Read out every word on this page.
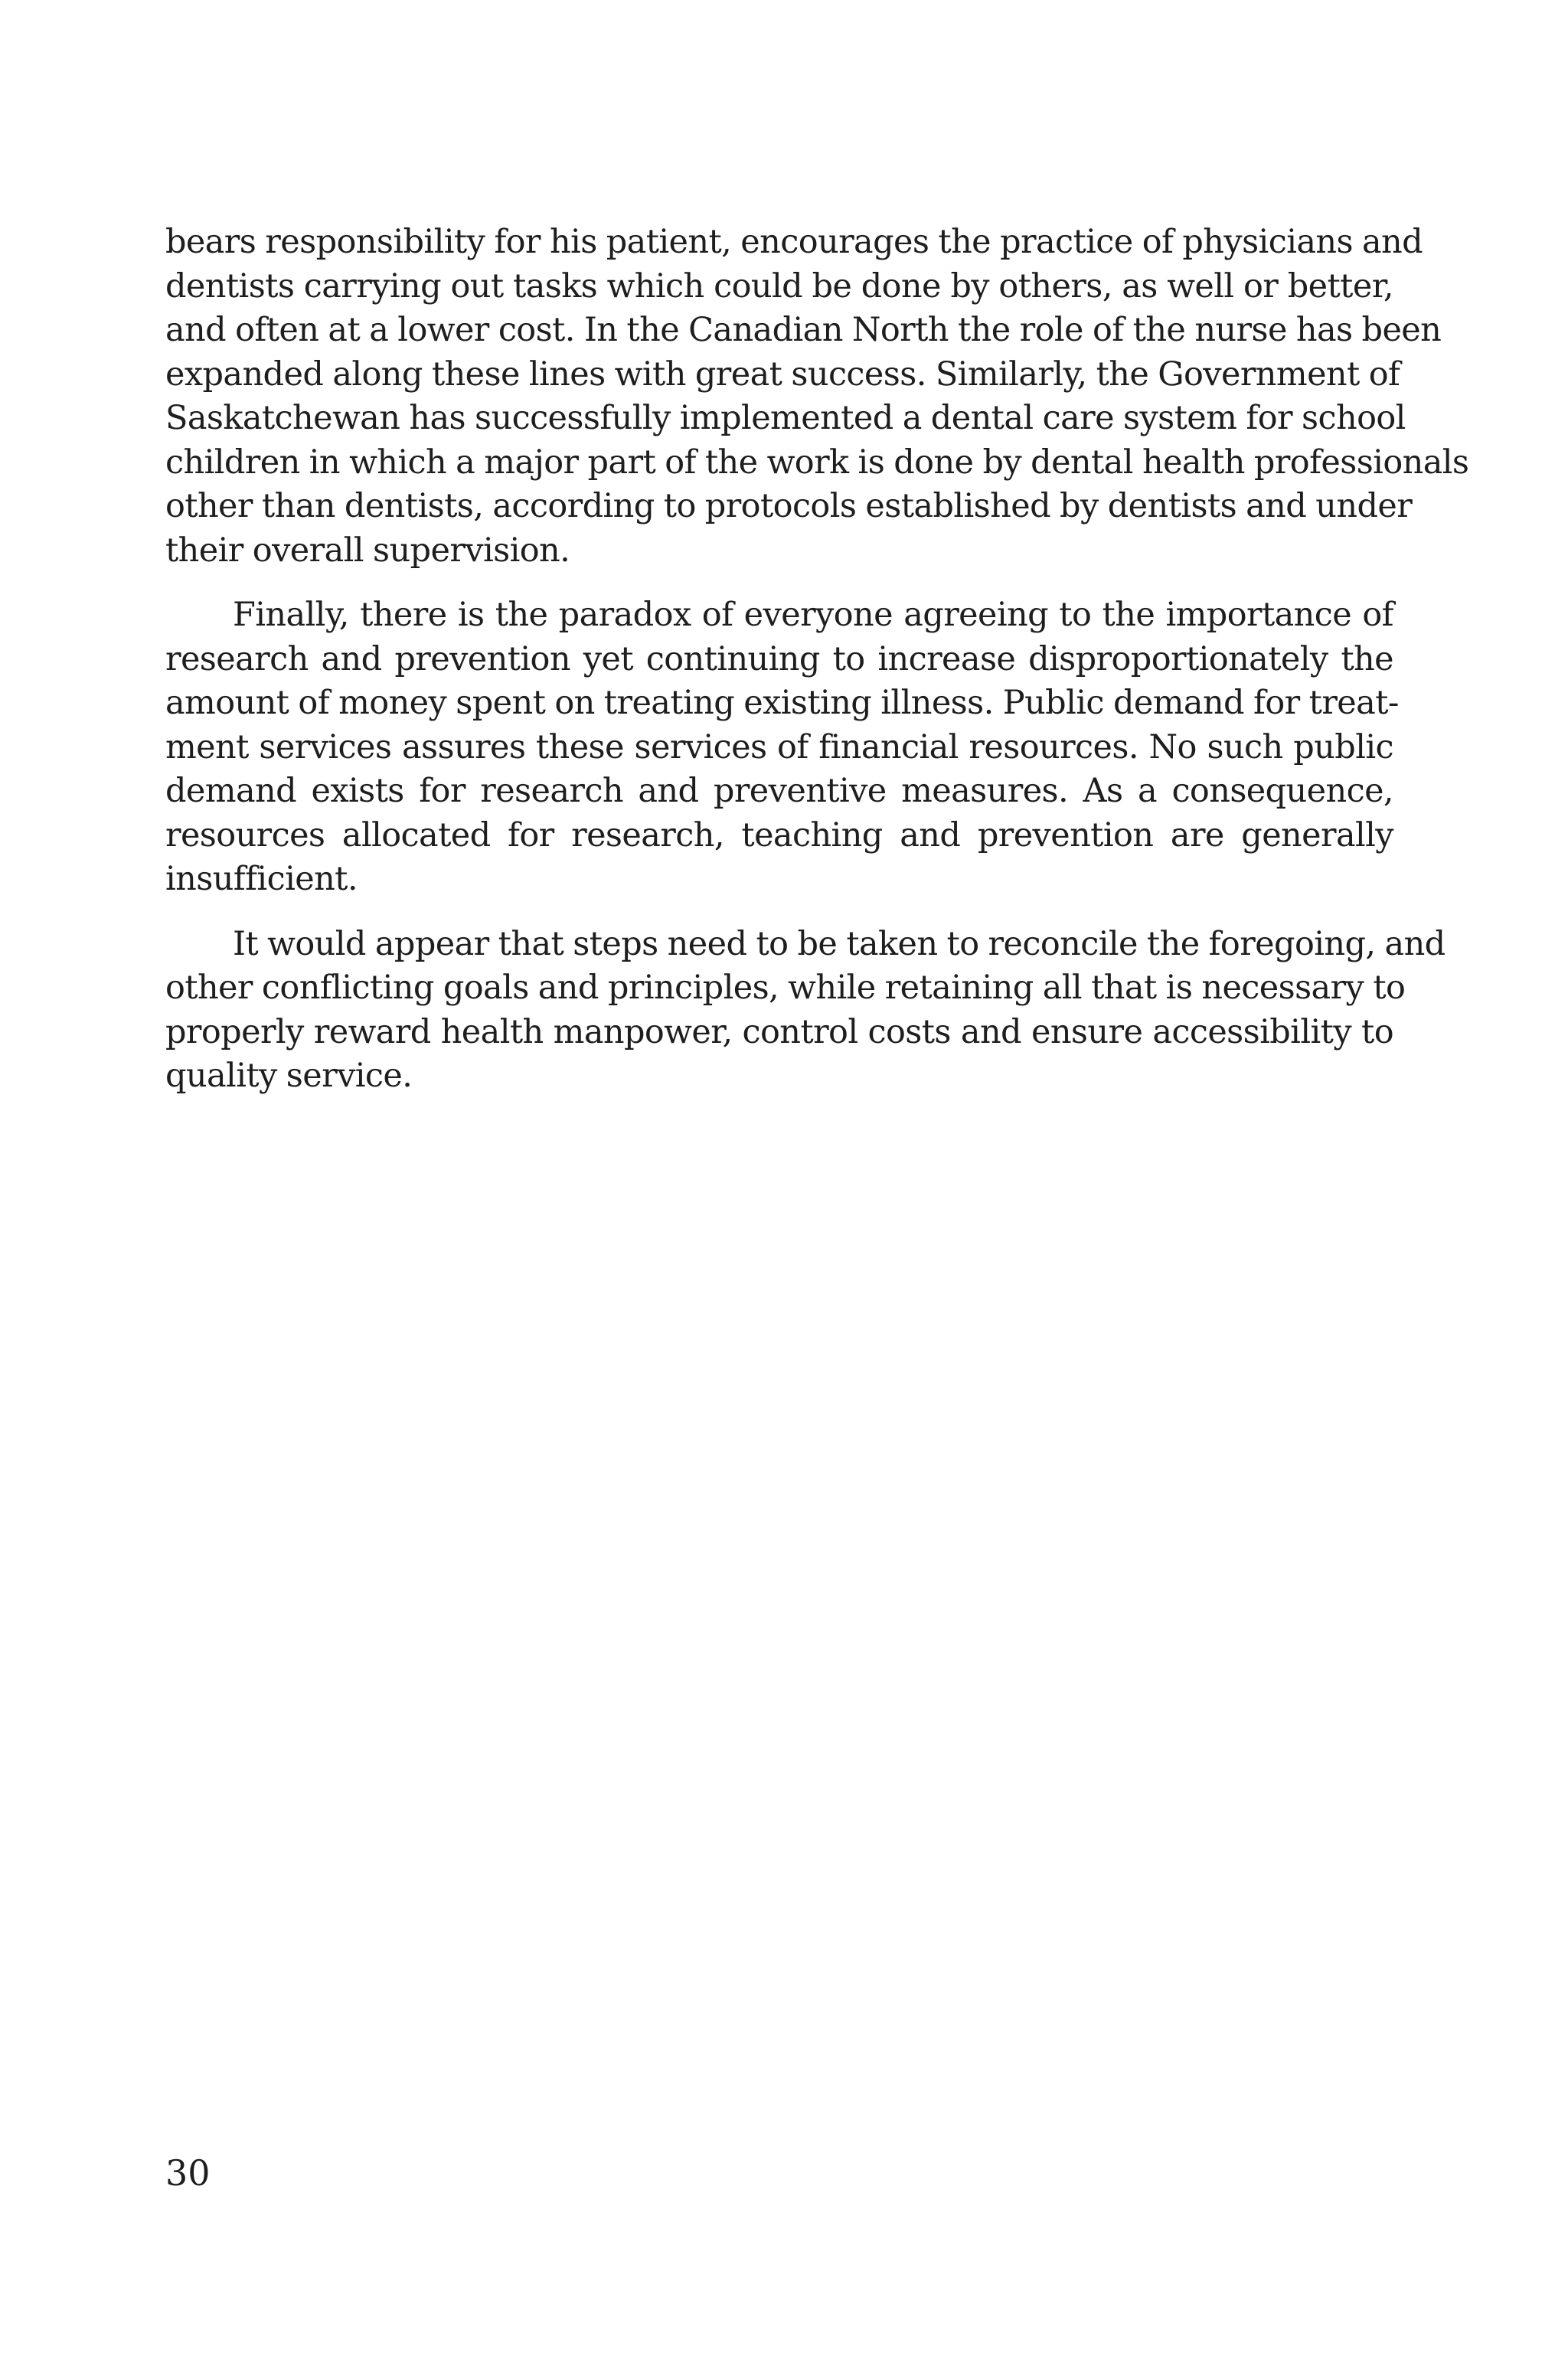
bears responsibility for his patient, encourages the practice of physicians and
dentists carrying out tasks which could be done by others, as well or better,
and often at a lower cost. In the Canadian North the role of the nurse has been
expanded along these lines with great success. Similarly, the Government of
Saskatchewan has successfully implemented a dental care system for school
children in which a major part of the work is done by dental health professionals
other than dentists, according to protocols established by dentists and under
their overall supervision.

Finally, there is the paradox of everyone agreeing to the importance of
research and prevention yet continuing to increase disproportionately the
amount of money spent on treating existing illness. Public demand for treat-
ment services assures these services of financial resources. No such public
demand exists for research and preventive measures. As a consequence,
resources allocated for research, teaching and prevention are generally
insufficient.

It would appear that steps need to be taken to reconcile the foregoing, and
other conflicting goals and principles, while retaining all that is necessary to
properly reward health manpower, control costs and ensure accessibility to
quality service.

30
